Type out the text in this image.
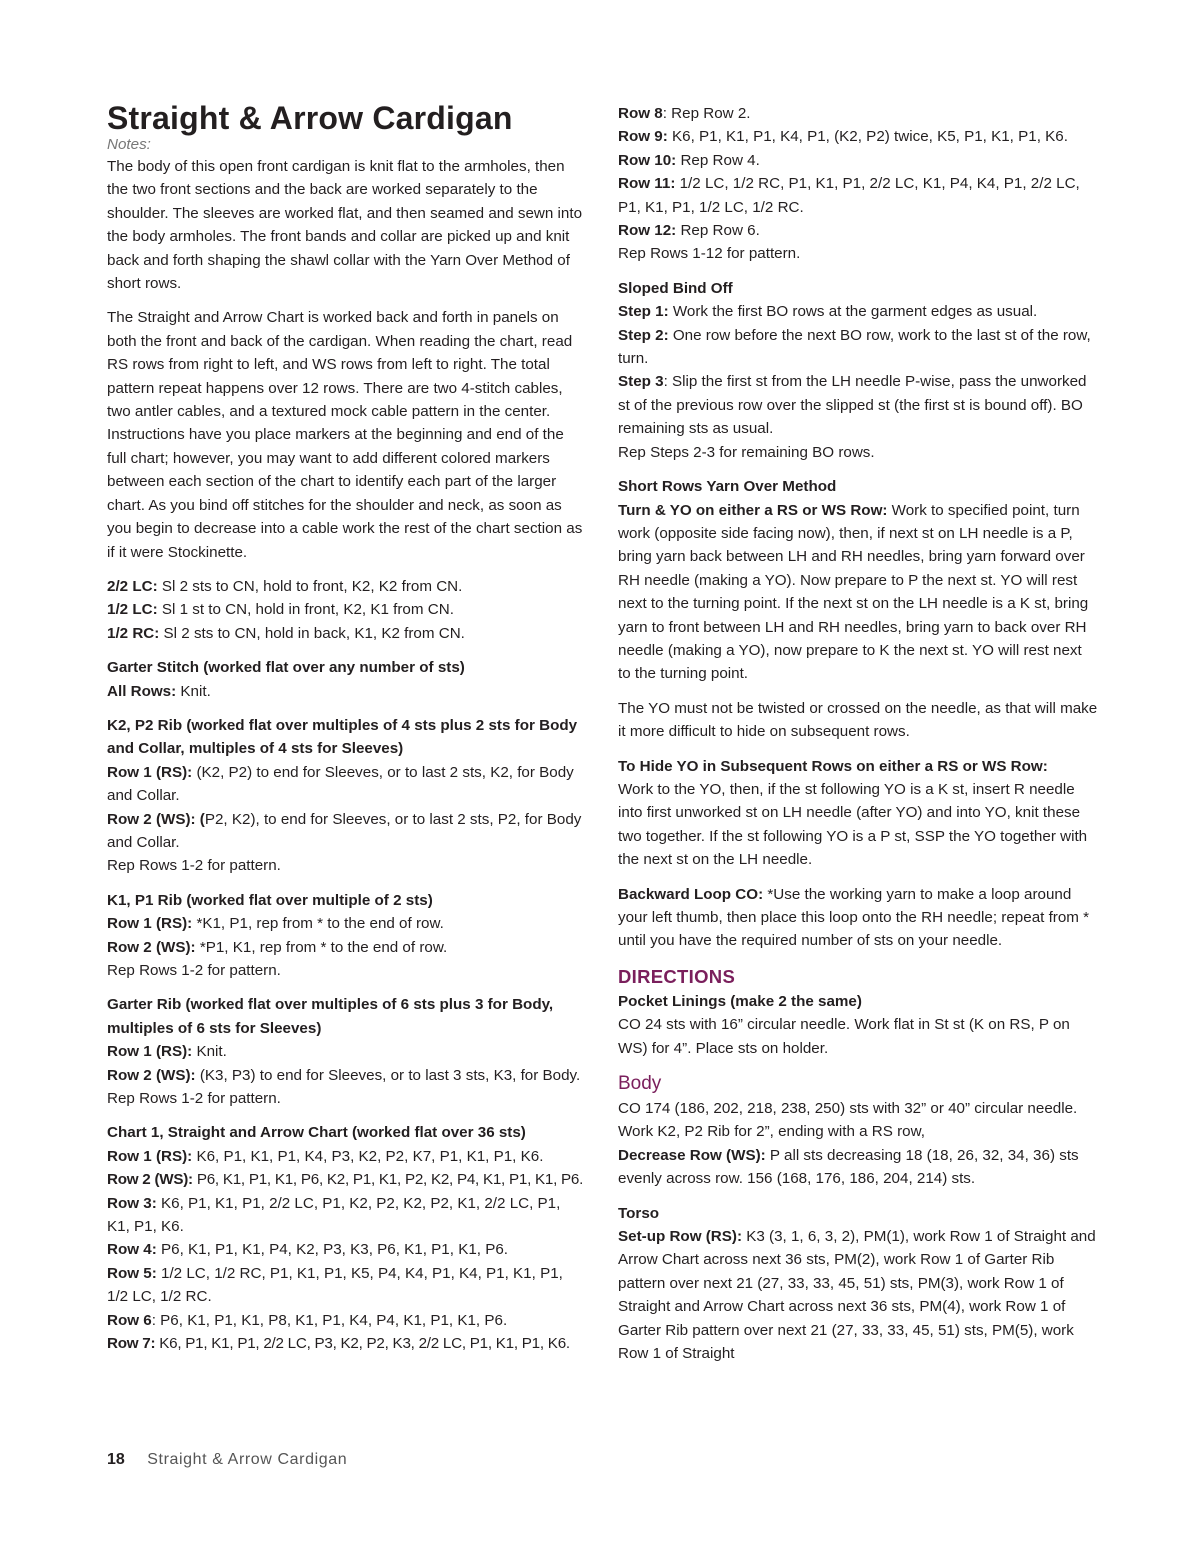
Straight & Arrow Cardigan

Notes:

The body of this open front cardigan is knit flat to the armholes, then the two front sections and the back are worked separately to the shoulder. The sleeves are worked flat, and then seamed and sewn into the body armholes. The front bands and collar are picked up and knit back and forth shaping the shawl collar with the Yarn Over Method of short rows.

The Straight and Arrow Chart is worked back and forth in panels on both the front and back of the cardigan. When reading the chart, read RS rows from right to left, and WS rows from left to right. The total pattern repeat happens over 12 rows. There are two 4-stitch cables, two antler cables, and a textured mock cable pattern in the center. Instructions have you place markers at the beginning and end of the full chart; however, you may want to add different colored markers between each section of the chart to identify each part of the larger chart. As you bind off stitches for the shoulder and neck, as soon as you begin to decrease into a cable work the rest of the chart section as if it were Stockinette.

2/2 LC: Sl 2 sts to CN, hold to front, K2, K2 from CN.

1/2 LC: Sl 1 st to CN, hold in front, K2, K1 from CN.

1/2 RC: Sl 2 sts to CN, hold in back, K1, K2 from CN.

Garter Stitch (worked flat over any number of sts)

All Rows: Knit.

K2, P2 Rib (worked flat over multiples of 4 sts plus 2 sts for Body and Collar, multiples of 4 sts for Sleeves)

Row 1 (RS): (K2, P2) to end for Sleeves, or to last 2 sts, K2, for Body and Collar.

Row 2 (WS): (P2, K2), to end for Sleeves, or to last 2 sts, P2, for Body and Collar.

Rep Rows 1-2 for pattern.

K1, P1 Rib (worked flat over multiple of 2 sts)

Row 1 (RS): *K1, P1, rep from * to the end of row.

Row 2 (WS): *P1, K1, rep from * to the end of row.

Rep Rows 1-2 for pattern.

Garter Rib (worked flat over multiples of 6 sts plus 3 for Body, multiples of 6 sts for Sleeves)

Row 1 (RS): Knit.

Row 2 (WS): (K3, P3) to end for Sleeves, or to last 3 sts, K3, for Body.

Rep Rows 1-2 for pattern.

Chart 1, Straight and Arrow Chart (worked flat over 36 sts)

Row 1 (RS): K6, P1, K1, P1, K4, P3, K2, P2, K7, P1, K1, P1, K6.

Row 2 (WS): P6, K1, P1, K1, P6, K2, P1, K1, P2, K2, P4, K1, P1, K1, P6.

Row 3: K6, P1, K1, P1, 2/2 LC, P1, K2, P2, K2, P2, K1, 2/2 LC, P1, K1, P1, K6.

Row 4: P6, K1, P1, K1, P4, K2, P3, K3, P6, K1, P1, K1, P6.

Row 5: 1/2 LC, 1/2 RC, P1, K1, P1, K5, P4, K4, P1, K4, P1, K1, P1, 1/2 LC, 1/2 RC.

Row 6: P6, K1, P1, K1, P8, K1, P1, K4, P4, K1, P1, K1, P6.

Row 7: K6, P1, K1, P1, 2/2 LC, P3, K2, P2, K3, 2/2 LC, P1, K1, P1, K6.

Row 8: Rep Row 2.

Row 9: K6, P1, K1, P1, K4, P1, (K2, P2) twice, K5, P1, K1, P1, K6.

Row 10: Rep Row 4.

Row 11: 1/2 LC, 1/2 RC, P1, K1, P1, 2/2 LC, K1, P4, K4, P1, 2/2 LC, P1, K1, P1, 1/2 LC, 1/2 RC.

Row 12: Rep Row 6.

Rep Rows 1-12 for pattern.

Sloped Bind Off

Step 1: Work the first BO rows at the garment edges as usual.

Step 2: One row before the next BO row, work to the last st of the row, turn.

Step 3: Slip the first st from the LH needle P-wise, pass the unworked st of the previous row over the slipped st (the first st is bound off). BO remaining sts as usual.

Rep Steps 2-3 for remaining BO rows.

Short Rows Yarn Over Method

Turn & YO on either a RS or WS Row: Work to specified point, turn work (opposite side facing now), then, if next st on LH needle is a P, bring yarn back between LH and RH needles, bring yarn forward over RH needle (making a YO). Now prepare to P the next st. YO will rest next to the turning point. If the next st on the LH needle is a K st, bring yarn to front between LH and RH needles, bring yarn to back over RH needle (making a YO), now prepare to K the next st. YO will rest next to the turning point.

The YO must not be twisted or crossed on the needle, as that will make it more difficult to hide on subsequent rows.

To Hide YO in Subsequent Rows on either a RS or WS Row:

Work to the YO, then, if the st following YO is a K st, insert R needle into first unworked st on LH needle (after YO) and into YO, knit these two together. If the st following YO is a P st, SSP the YO together with the next st on the LH needle.

Backward Loop CO: *Use the working yarn to make a loop around your left thumb, then place this loop onto the RH needle; repeat from * until you have the required number of sts on your needle.

DIRECTIONS

Pocket Linings (make 2 the same)

CO 24 sts with 16” circular needle. Work flat in St st (K on RS, P on WS) for 4”. Place sts on holder.

Body

CO 174 (186, 202, 218, 238, 250) sts with 32” or 40” circular needle.

Work K2, P2 Rib for 2”, ending with a RS row,

Decrease Row (WS): P all sts decreasing 18 (18, 26, 32, 34, 36) sts evenly across row. 156 (168, 176, 186, 204, 214) sts.

Torso

Set-up Row (RS): K3 (3, 1, 6, 3, 2), PM(1), work Row 1 of Straight and Arrow Chart across next 36 sts, PM(2), work Row 1 of Garter Rib pattern over next 21 (27, 33, 33, 45, 51) sts, PM(3), work Row 1 of Straight and Arrow Chart across next 36 sts, PM(4), work Row 1 of Garter Rib pattern over next 21 (27, 33, 33, 45, 51) sts, PM(5), work Row 1 of Straight

18 Straight & Arrow Cardigan
